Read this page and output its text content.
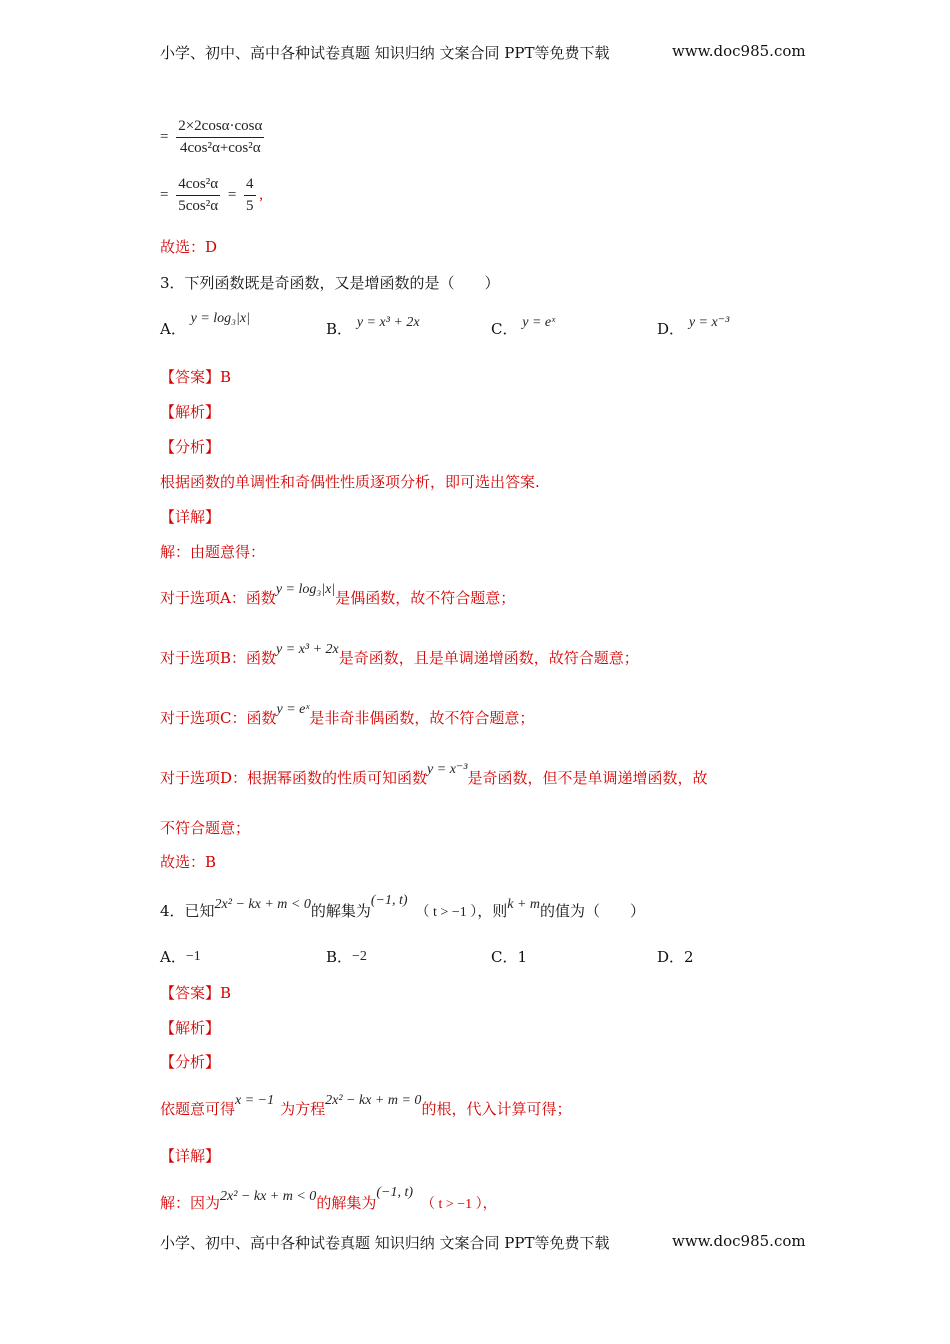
小学、初中、高中各种试卷真题 知识归纳 文案合同 PPT等免费下载	www.doc985.com
= $\frac{2\times 2\cos\alpha\cdot\cos\alpha}{\text{4cos²α+cos²α}}$
= $\frac{\text{4cos²α}}{\text{5cos²α}} = \frac{4}{5}$ ,
故选：D
3．下列函数既是奇函数，又是增函数的是（　　）
A． y = log₃|x|
B． y = x³ + 2x	C． y = eˣ	D． y = x⁻³
【答案】B
【解析】
【分析】
根据函数的单调性和奇偶性性质逐项分析，即可选出答案.
【详解】
解：由题意得：
对于选项A：函数y = log₃|x|是偶函数，故不符合题意；
对于选项B：函数y = x³ + 2x是奇函数，且是单调递增函数，故符合题意；
对于选项C：函数y = eˣ是非奇非偶函数，故不符合题意；
对于选项D：根据幂函数的性质可知函数y = x⁻³是奇函数，但不是单调递增函数，故
不符合题意；
故选：B
4．已知2x² − kx + m < 0的解集为(−1, t)（ t > −1 ），则k + m的值为（　　）
A．−1	B．−2	C．1	D．2
【答案】B
【解析】
【分析】
依题意可得x = −1 为方程2x² − kx + m = 0的根，代入计算可得；
【详解】
解：因为2x² − kx + m < 0的解集为(−1, t)（ t > −1 ），
小学、初中、高中各种试卷真题 知识归纳 文案合同 PPT等免费下载	www.doc985.com
